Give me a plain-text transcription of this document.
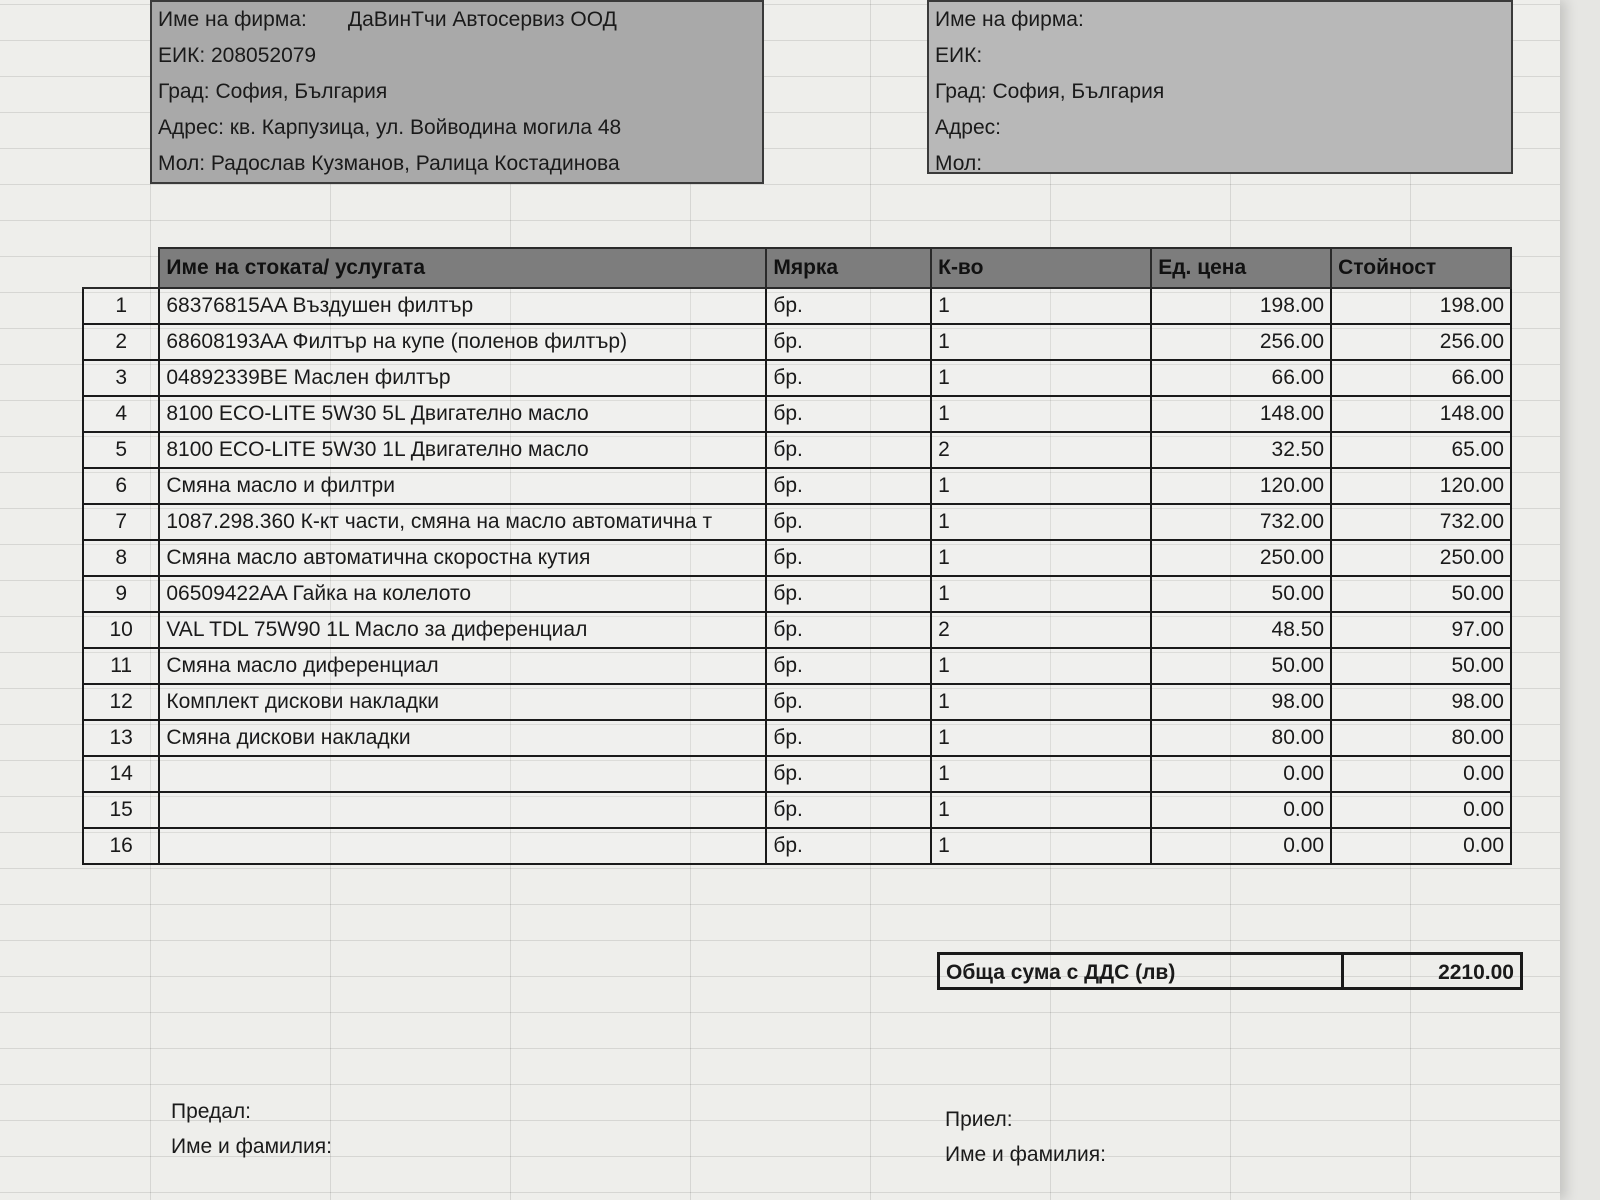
Име на фирма: ДаВинТчи Автосервиз ООД
ЕИК: 208052079
Град: София, България
Адрес: кв. Карпузица, ул. Войводина могила 48
Мол: Радослав Кузманов, Ралица Костадинова
Име на фирма:
ЕИК:
Град: София, България
Адрес:
Мол:
	Име на стоката/ услугата	Мярка	К-во	Ед. цена	Стойност
1	68376815AA Въздушен филтър	бр.	1	198.00	198.00
2	68608193AA Филтър на купе (поленов филтър)	бр.	1	256.00	256.00
3	04892339BE Маслен филтър	бр.	1	66.00	66.00
4	8100 ECO-LITE 5W30 5L Двигателно масло	бр.	1	148.00	148.00
5	8100 ECO-LITE 5W30 1L Двигателно масло	бр.	2	32.50	65.00
6	Смяна масло и филтри	бр.	1	120.00	120.00
7	1087.298.360 К-кт части, смяна на масло автоматична т	бр.	1	732.00	732.00
8	Смяна масло автоматична скоростна кутия	бр.	1	250.00	250.00
9	06509422AA Гайка на колелото	бр.	1	50.00	50.00
10	VAL TDL 75W90 1L Масло за диференциал	бр.	2	48.50	97.00
11	Смяна масло диференциал	бр.	1	50.00	50.00
12	Комплект дискови накладки	бр.	1	98.00	98.00
13	Смяна дискови накладки	бр.	1	80.00	80.00
14		бр.	1	0.00	0.00
15		бр.	1	0.00	0.00
16		бр.	1	0.00	0.00
Обща сума с ДДС (лв)	2210.00
Предал:
Име и фамилия:
Приел:
Име и фамилия:
